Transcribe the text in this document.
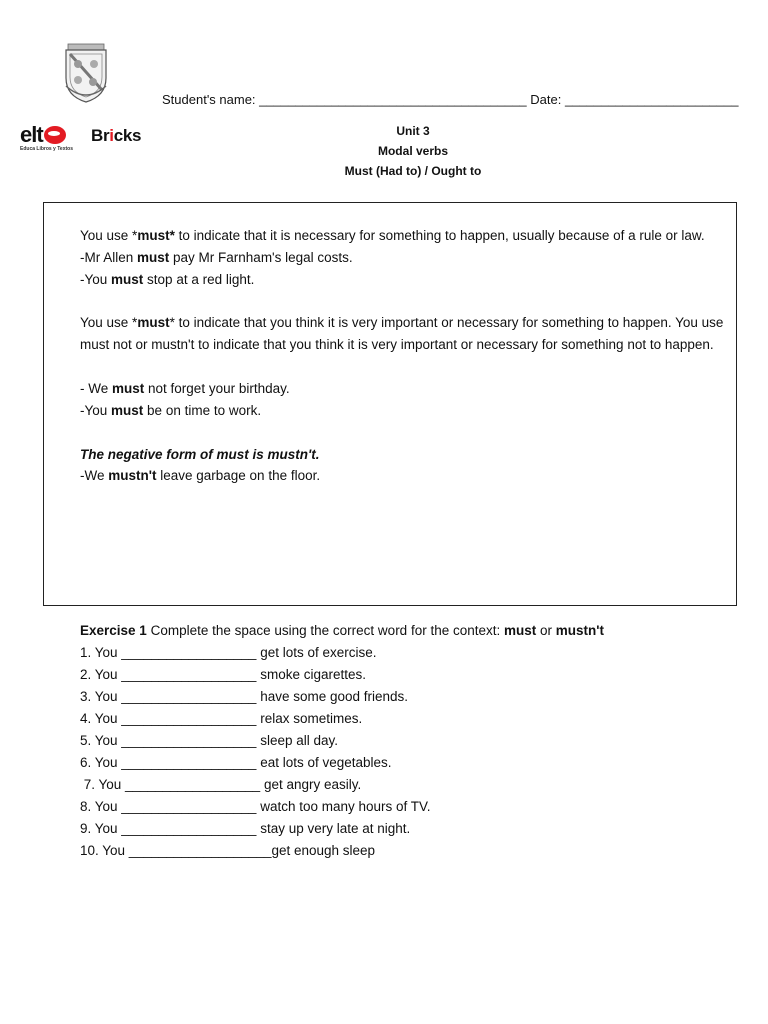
Student's name: _____________________________________ Date: ________________________
elt
Educa Libros y Textos
Bricks	Unit 3
Modal verbs
Must (Had to) / Ought to

You use *must* to indicate that it is necessary for something to happen, usually because of a rule or law.

-Mr Allen must pay Mr Farnham's legal costs.

-You must stop at a red light.

You use *must* to indicate that you think it is very important or necessary for something to happen. You use must not or mustn't to indicate that you think it is very important or necessary for something not to happen.

- We must not forget your birthday.

-You must be on time to work.

The negative form of must is mustn't.

-We mustn't leave garbage on the floor.

Exercise 1 Complete the space using the correct word for the context: must or mustn't

1. You __________________ get lots of exercise.

2. You __________________ smoke cigarettes.

3. You __________________ have some good friends.

4. You __________________ relax sometimes.

5. You __________________ sleep all day.

6. You __________________ eat lots of vegetables.

7. You __________________ get angry easily.

8. You __________________ watch too many hours of TV.

9. You __________________ stay up very late at night.

10. You ___________________get enough sleep
